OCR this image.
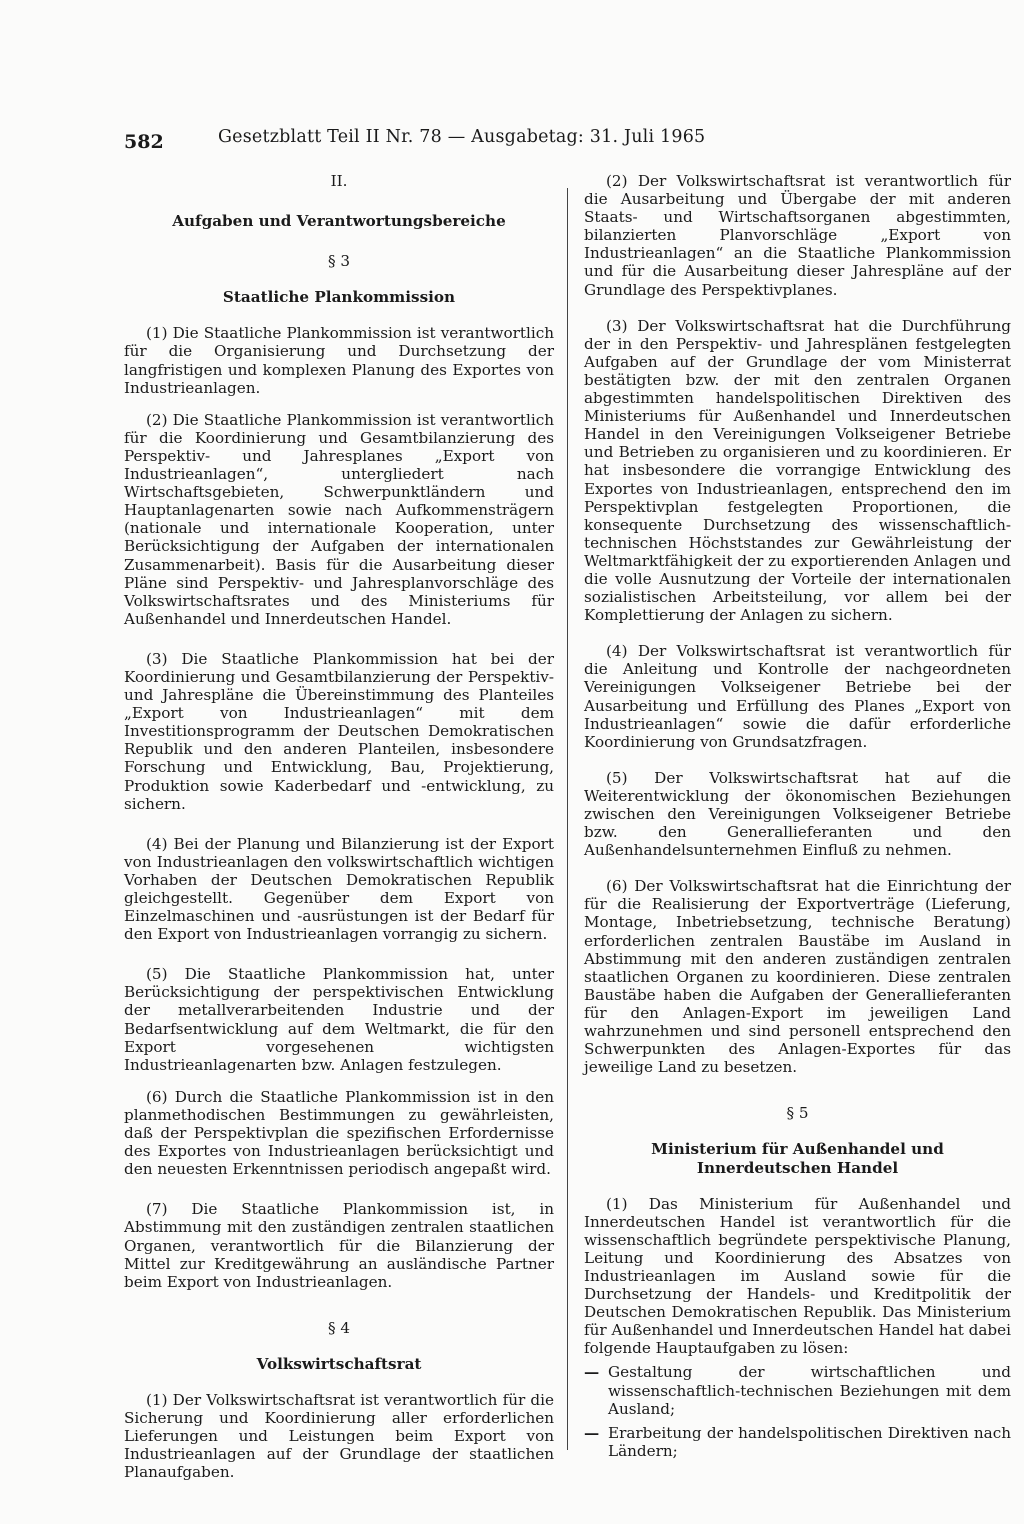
582	Gesetzblatt Teil II Nr. 78 — Ausgabetag: 31. Juli 1965
II.
Aufgaben und Verantwortungsbereiche
§ 3
Staatliche Plankommission

(1) Die Staatliche Plankommission ist verantwortlich für die Organisierung und Durchsetzung der langfristigen und komplexen Planung des Exportes von Industrieanlagen.

(2) Die Staatliche Plankommission ist verantwortlich für die Koordinierung und Gesamtbilanzierung des Perspektiv- und Jahresplanes „Export von Industrieanlagen“, untergliedert nach Wirtschaftsgebieten, Schwerpunktländern und Hauptanlagenarten sowie nach Aufkommensträgern (nationale und internationale Kooperation, unter Berücksichtigung der Aufgaben der internationalen Zusammenarbeit). Basis für die Ausarbeitung dieser Pläne sind Perspektiv- und Jahresplanvorschläge des Volkswirtschaftsrates und des Ministeriums für Außenhandel und Innerdeutschen Handel.

(3) Die Staatliche Plankommission hat bei der Koordinierung und Gesamtbilanzierung der Perspektiv- und Jahrespläne die Übereinstimmung des Planteiles „Export von Industrieanlagen“ mit dem Investitionsprogramm der Deutschen Demokratischen Republik und den anderen Planteilen, insbesondere Forschung und Entwicklung, Bau, Projektierung, Produktion sowie Kaderbedarf und -entwicklung, zu sichern.

(4) Bei der Planung und Bilanzierung ist der Export von Industrieanlagen den volkswirtschaftlich wichtigen Vorhaben der Deutschen Demokratischen Republik gleichgestellt. Gegenüber dem Export von Einzelmaschinen und -ausrüstungen ist der Bedarf für den Export von Industrieanlagen vorrangig zu sichern.

(5) Die Staatliche Plankommission hat, unter Berücksichtigung der perspektivischen Entwicklung der metallverarbeitenden Industrie und der Bedarfsentwicklung auf dem Weltmarkt, die für den Export vorgesehenen wichtigsten Industrieanlagenarten bzw. Anlagen festzulegen.

(6) Durch die Staatliche Plankommission ist in den planmethodischen Bestimmungen zu gewährleisten, daß der Perspektivplan die spezifischen Erfordernisse des Exportes von Industrieanlagen berücksichtigt und den neuesten Erkenntnissen periodisch angepaßt wird.

(7) Die Staatliche Plankommission ist, in Abstimmung mit den zuständigen zentralen staatlichen Organen, verantwortlich für die Bilanzierung der Mittel zur Kreditgewährung an ausländische Partner beim Export von Industrieanlagen.

§ 4
Volkswirtschaftsrat

(1) Der Volkswirtschaftsrat ist verantwortlich für die Sicherung und Koordinierung aller erforderlichen Lieferungen und Leistungen beim Export von Industrieanlagen auf der Grundlage der staatlichen Planaufgaben.

(2) Der Volkswirtschaftsrat ist verantwortlich für die Ausarbeitung und Übergabe der mit anderen Staats- und Wirtschaftsorganen abgestimmten, bilanzierten Planvorschläge „Export von Industrieanlagen“ an die Staatliche Plankommission und für die Ausarbeitung dieser Jahrespläne auf der Grundlage des Perspektivplanes.

(3) Der Volkswirtschaftsrat hat die Durchführung der in den Perspektiv- und Jahresplänen festgelegten Aufgaben auf der Grundlage der vom Ministerrat bestätigten bzw. der mit den zentralen Organen abgestimmten handelspolitischen Direktiven des Ministeriums für Außenhandel und Innerdeutschen Handel in den Vereinigungen Volkseigener Betriebe und Betrieben zu organisieren und zu koordinieren. Er hat insbesondere die vorrangige Entwicklung des Exportes von Industrieanlagen, entsprechend den im Perspektivplan festgelegten Proportionen, die konsequente Durchsetzung des wissenschaftlich-technischen Höchststandes zur Gewährleistung der Weltmarktfähigkeit der zu exportierenden Anlagen und die volle Ausnutzung der Vorteile der internationalen sozialistischen Arbeitsteilung, vor allem bei der Komplettierung der Anlagen zu sichern.

(4) Der Volkswirtschaftsrat ist verantwortlich für die Anleitung und Kontrolle der nachgeordneten Vereinigungen Volkseigener Betriebe bei der Ausarbeitung und Erfüllung des Planes „Export von Industrieanlagen“ sowie die dafür erforderliche Koordinierung von Grundsatzfragen.

(5) Der Volkswirtschaftsrat hat auf die Weiterentwicklung der ökonomischen Beziehungen zwischen den Vereinigungen Volkseigener Betriebe bzw. den Generallieferanten und den Außenhandelsunternehmen Einfluß zu nehmen.

(6) Der Volkswirtschaftsrat hat die Einrichtung der für die Realisierung der Exportverträge (Lieferung, Montage, Inbetriebsetzung, technische Beratung) erforderlichen zentralen Baustäbe im Ausland in Abstimmung mit den anderen zuständigen zentralen staatlichen Organen zu koordinieren. Diese zentralen Baustäbe haben die Aufgaben der Generallieferanten für den Anlagen-Export im jeweiligen Land wahrzunehmen und sind personell entsprechend den Schwerpunkten des Anlagen-Exportes für das jeweilige Land zu besetzen.

§ 5
Ministerium für Außenhandel und Innerdeutschen Handel

(1) Das Ministerium für Außenhandel und Innerdeutschen Handel ist verantwortlich für die wissenschaftlich begründete perspektivische Planung, Leitung und Koordinierung des Absatzes von Industrieanlagen im Ausland sowie für die Durchsetzung der Handels- und Kreditpolitik der Deutschen Demokratischen Republik. Das Ministerium für Außenhandel und Innerdeutschen Handel hat dabei folgende Hauptaufgaben zu lösen:

— Gestaltung der wirtschaftlichen und wissenschaftlich-technischen Beziehungen mit dem Ausland;
— Erarbeitung der handelspolitischen Direktiven nach Ländern;
